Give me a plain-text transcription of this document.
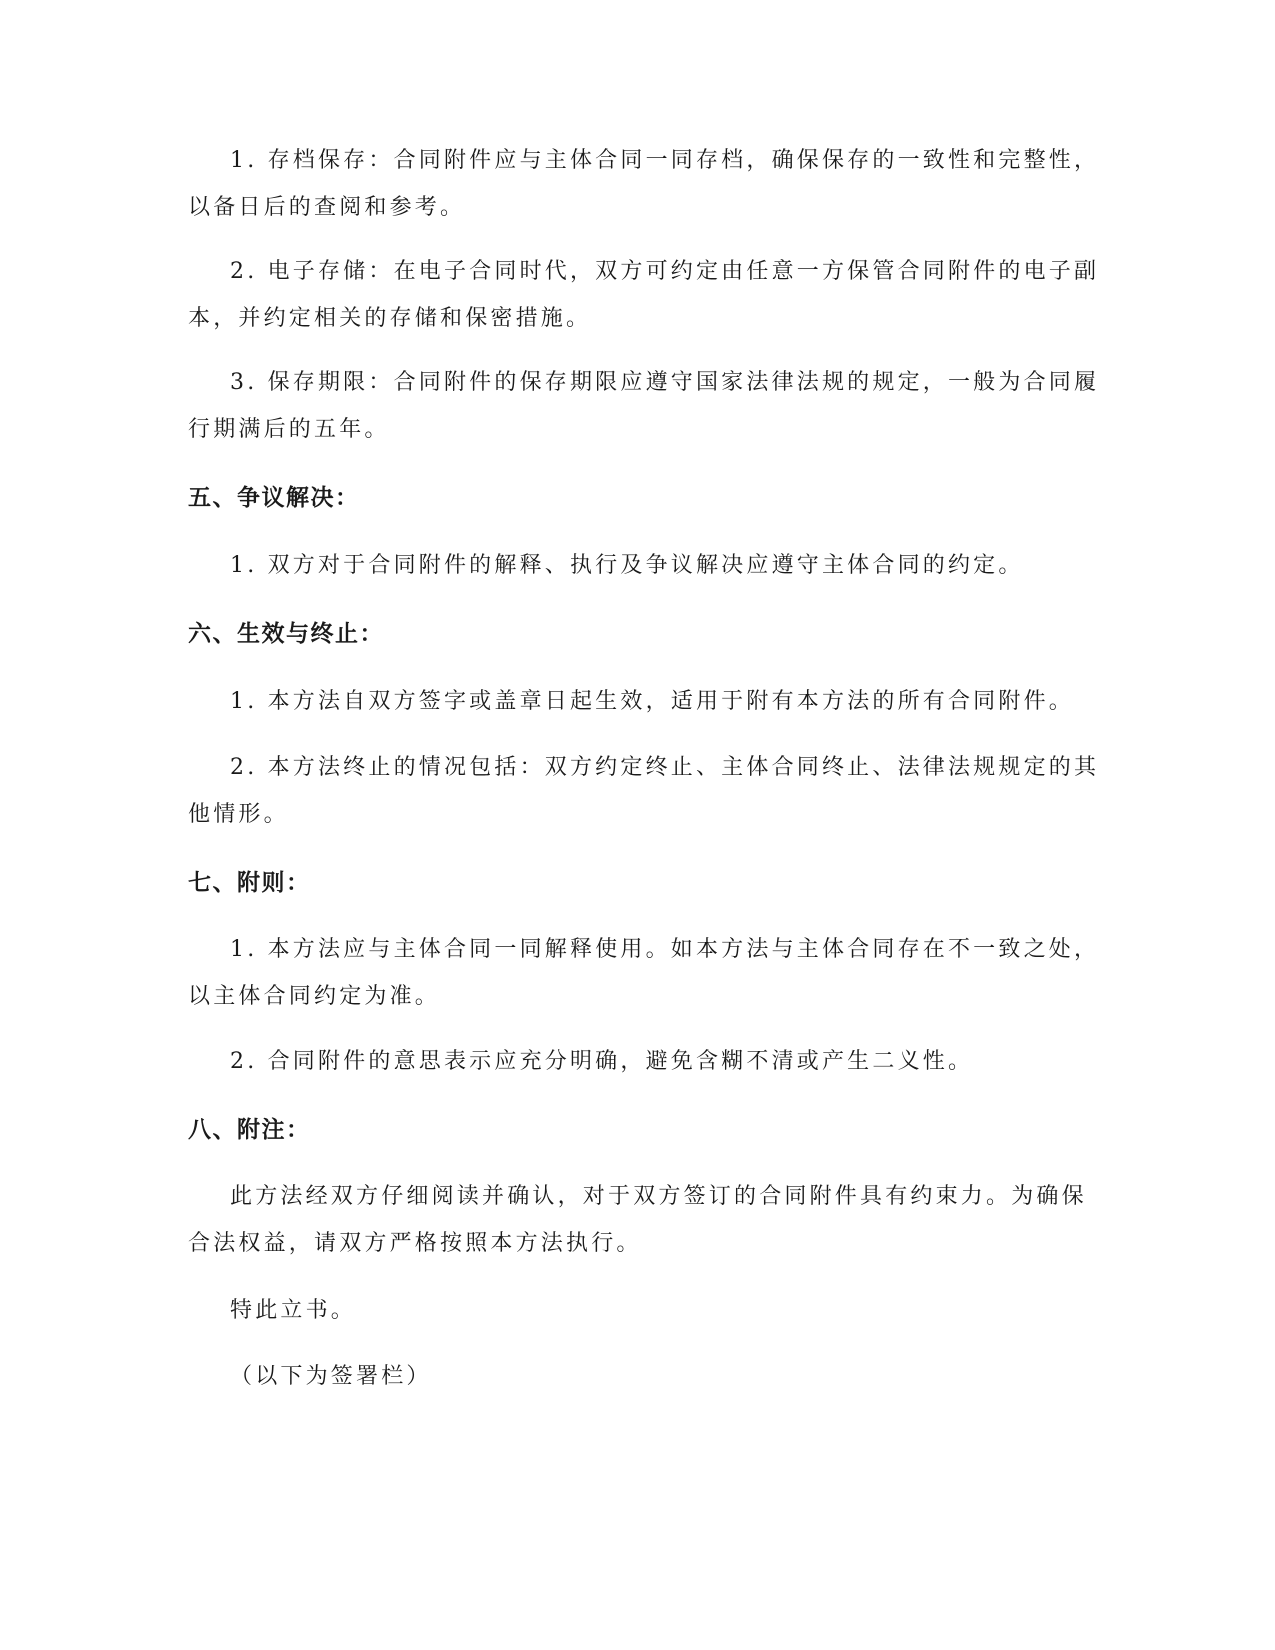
1. 存档保存：合同附件应与主体合同一同存档，确保保存的一致性和完整性，
以备日后的查阅和参考。
2. 电子存储：在电子合同时代，双方可约定由任意一方保管合同附件的电子副
本，并约定相关的存储和保密措施。
3. 保存期限：合同附件的保存期限应遵守国家法律法规的规定，一般为合同履
行期满后的五年。
五、争议解决：
1. 双方对于合同附件的解释、执行及争议解决应遵守主体合同的约定。
六、生效与终止：
1. 本方法自双方签字或盖章日起生效，适用于附有本方法的所有合同附件。
2. 本方法终止的情况包括：双方约定终止、主体合同终止、法律法规规定的其
他情形。
七、附则：
1. 本方法应与主体合同一同解释使用。如本方法与主体合同存在不一致之处，
以主体合同约定为准。
2. 合同附件的意思表示应充分明确，避免含糊不清或产生二义性。
八、附注：
此方法经双方仔细阅读并确认，对于双方签订的合同附件具有约束力。为确保
合法权益，请双方严格按照本方法执行。
特此立书。
（以下为签署栏）
